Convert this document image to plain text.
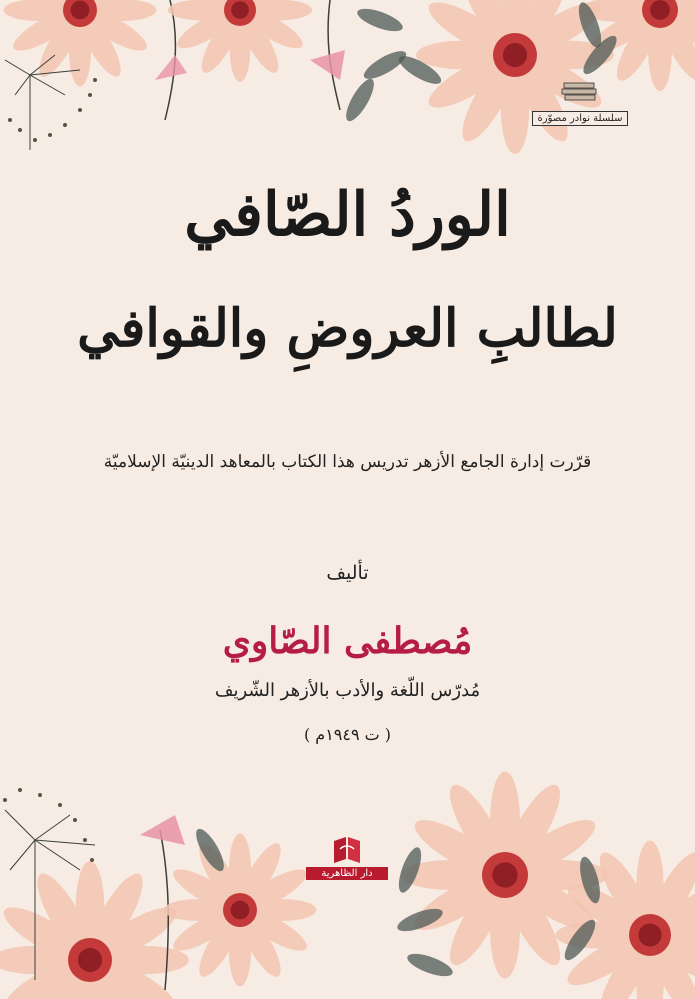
سلسلة نوادر مصوّرة
الوردُ الصّافي
لطالبِ العروضِ والقوافي
قرّرت إدارة الجامع الأزهر تدريس هذا الكتاب بالمعاهد الدينيّة الإسلاميّة
تأليف
مُصطفى الصّاوي
مُدرّس اللّغة والأدب بالأزهر الشّريف
( ت ١٩٤٩م )
دار الظاهرية
